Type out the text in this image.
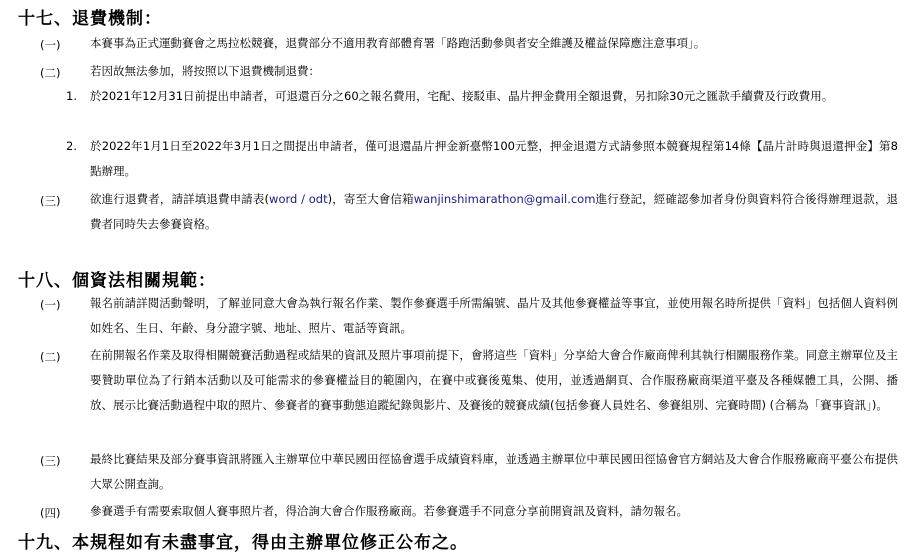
十七、退費機制：
(一)	本賽事為正式運動賽會之馬拉松競賽，退費部分不適用教育部體育署「路跑活動參與者安全維護及權益保障應注意事項」。
(二)	若因故無法參加，將按照以下退費機制退費：
1. 於2021年12月31日前提出申請者，可退還百分之60之報名費用，宅配、接駁車、晶片押金費用全額退費，另扣除30元之匯款手續費及行政費用。
2. 於2022年1月1日至2022年3月1日之間提出申請者，僅可退還晶片押金新臺幣100元整，押金退還方式請參照本競賽規程第14條【晶片計時與退還押金】第8點辦理。
(三)	欲進行退費者，請詳填退費申請表(word / odt)，寄至大會信箱wanjinshimarathon@gmail.com進行登記，經確認參加者身份與資料符合後得辦理退款，退費者同時失去參賽資格。
十八、個資法相關規範：
(一)	報名前請詳閱活動聲明，了解並同意大會為執行報名作業、製作參賽選手所需編號、晶片及其他參賽權益等事宜，並使用報名時所提供「資料」包括個人資料例如姓名、生日、年齡、身分證字號、地址、照片、電話等資訊。
(二)	在前開報名作業及取得相關競賽活動過程或結果的資訊及照片事項前提下，會將這些「資料」分享給大會合作廠商俾利其執行相關服務作業。同意主辦單位及主要贊助單位為了行銷本活動以及可能需求的參賽權益目的範圍內，在賽中或賽後蒐集、使用，並透過網頁、合作服務廠商渠道平臺及各種媒體工具，公開、播放、展示比賽活動過程中取的照片、參賽者的賽事動態追蹤紀錄與影片、及賽後的競賽成績(包括參賽人員姓名、參賽組別、完賽時間) (合稱為「賽事資訊」)。
(三)	最終比賽結果及部分賽事資訊將匯入主辦單位中華民國田徑協會選手成績資料庫，並透過主辦單位中華民國田徑協會官方網站及大會合作服務廠商平臺公布提供大眾公開查詢。
(四)	參賽選手有需要索取個人賽事照片者，得洽詢大會合作服務廠商。若參賽選手不同意分享前開資訊及資料，請勿報名。
十九、本規程如有未盡事宜，得由主辦單位修正公布之。
